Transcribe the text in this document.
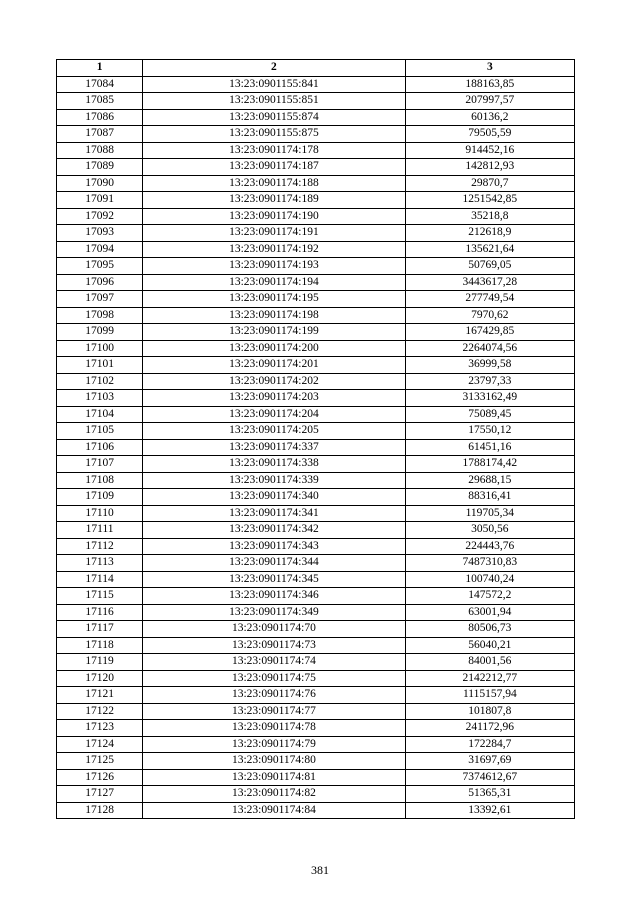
1	2	3
17084	13:23:0901155:841	188163,85
17085	13:23:0901155:851	207997,57
17086	13:23:0901155:874	60136,2
17087	13:23:0901155:875	79505,59
17088	13:23:0901174:178	914452,16
17089	13:23:0901174:187	142812,93
17090	13:23:0901174:188	29870,7
17091	13:23:0901174:189	1251542,85
17092	13:23:0901174:190	35218,8
17093	13:23:0901174:191	212618,9
17094	13:23:0901174:192	135621,64
17095	13:23:0901174:193	50769,05
17096	13:23:0901174:194	3443617,28
17097	13:23:0901174:195	277749,54
17098	13:23:0901174:198	7970,62
17099	13:23:0901174:199	167429,85
17100	13:23:0901174:200	2264074,56
17101	13:23:0901174:201	36999,58
17102	13:23:0901174:202	23797,33
17103	13:23:0901174:203	3133162,49
17104	13:23:0901174:204	75089,45
17105	13:23:0901174:205	17550,12
17106	13:23:0901174:337	61451,16
17107	13:23:0901174:338	1788174,42
17108	13:23:0901174:339	29688,15
17109	13:23:0901174:340	88316,41
17110	13:23:0901174:341	119705,34
17111	13:23:0901174:342	3050,56
17112	13:23:0901174:343	224443,76
17113	13:23:0901174:344	7487310,83
17114	13:23:0901174:345	100740,24
17115	13:23:0901174:346	147572,2
17116	13:23:0901174:349	63001,94
17117	13:23:0901174:70	80506,73
17118	13:23:0901174:73	56040,21
17119	13:23:0901174:74	84001,56
17120	13:23:0901174:75	2142212,77
17121	13:23:0901174:76	1115157,94
17122	13:23:0901174:77	101807,8
17123	13:23:0901174:78	241172,96
17124	13:23:0901174:79	172284,7
17125	13:23:0901174:80	31697,69
17126	13:23:0901174:81	7374612,67
17127	13:23:0901174:82	51365,31
17128	13:23:0901174:84	13392,61
381
